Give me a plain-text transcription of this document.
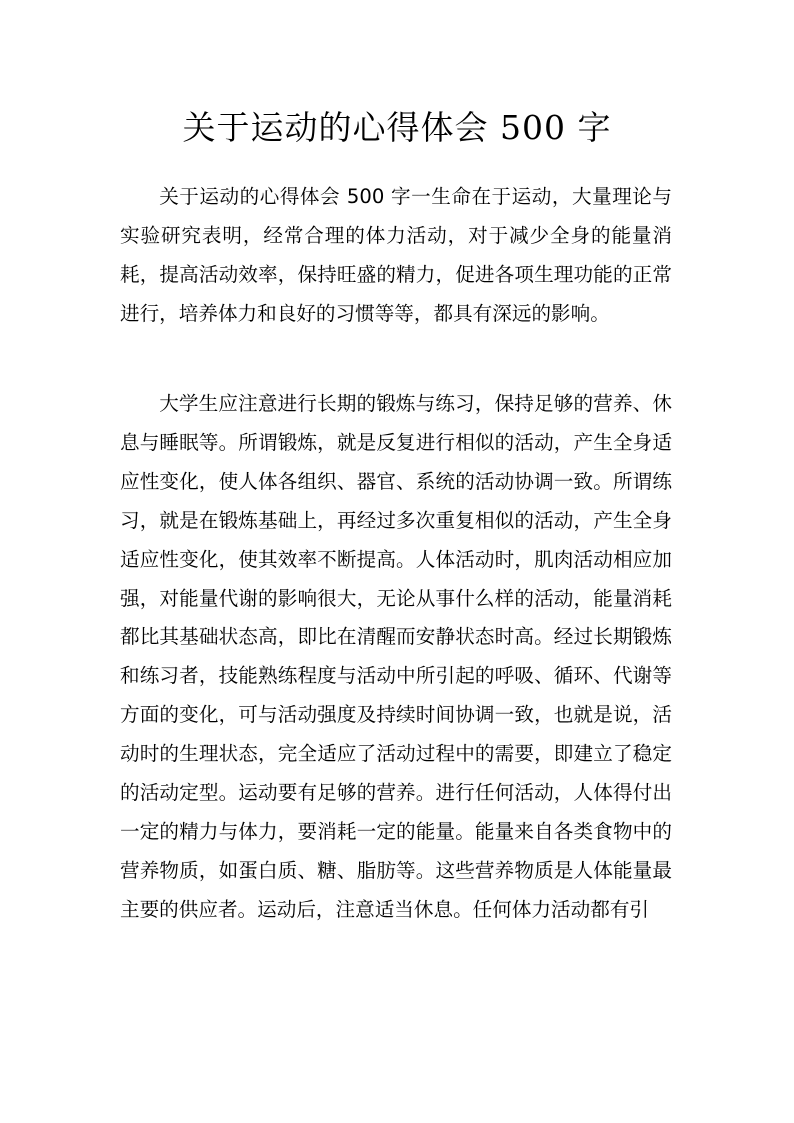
关于运动的心得体会 500 字

关于运动的心得体会 500 字一生命在于运动，大量理论与实验研究表明，经常合理的体力活动，对于减少全身的能量消耗，提高活动效率，保持旺盛的精力，促进各项生理功能的正常进行，培养体力和良好的习惯等等，都具有深远的影响。

大学生应注意进行长期的锻炼与练习，保持足够的营养、休息与睡眠等。所谓锻炼，就是反复进行相似的活动，产生全身适应性变化，使人体各组织、器官、系统的活动协调一致。所谓练习，就是在锻炼基础上，再经过多次重复相似的活动，产生全身适应性变化，使其效率不断提高。人体活动时，肌肉活动相应加强，对能量代谢的影响很大，无论从事什么样的活动，能量消耗都比其基础状态高，即比在清醒而安静状态时高。经过长期锻炼和练习者，技能熟练程度与活动中所引起的呼吸、循环、代谢等方面的变化，可与活动强度及持续时间协调一致，也就是说，活动时的生理状态，完全适应了活动过程中的需要，即建立了稳定的活动定型。运动要有足够的营养。进行任何活动，人体得付出一定的精力与体力，要消耗一定的能量。能量来自各类食物中的营养物质，如蛋白质、糖、脂肪等。这些营养物质是人体能量最主要的供应者。运动后，注意适当休息。任何体力活动都有引
